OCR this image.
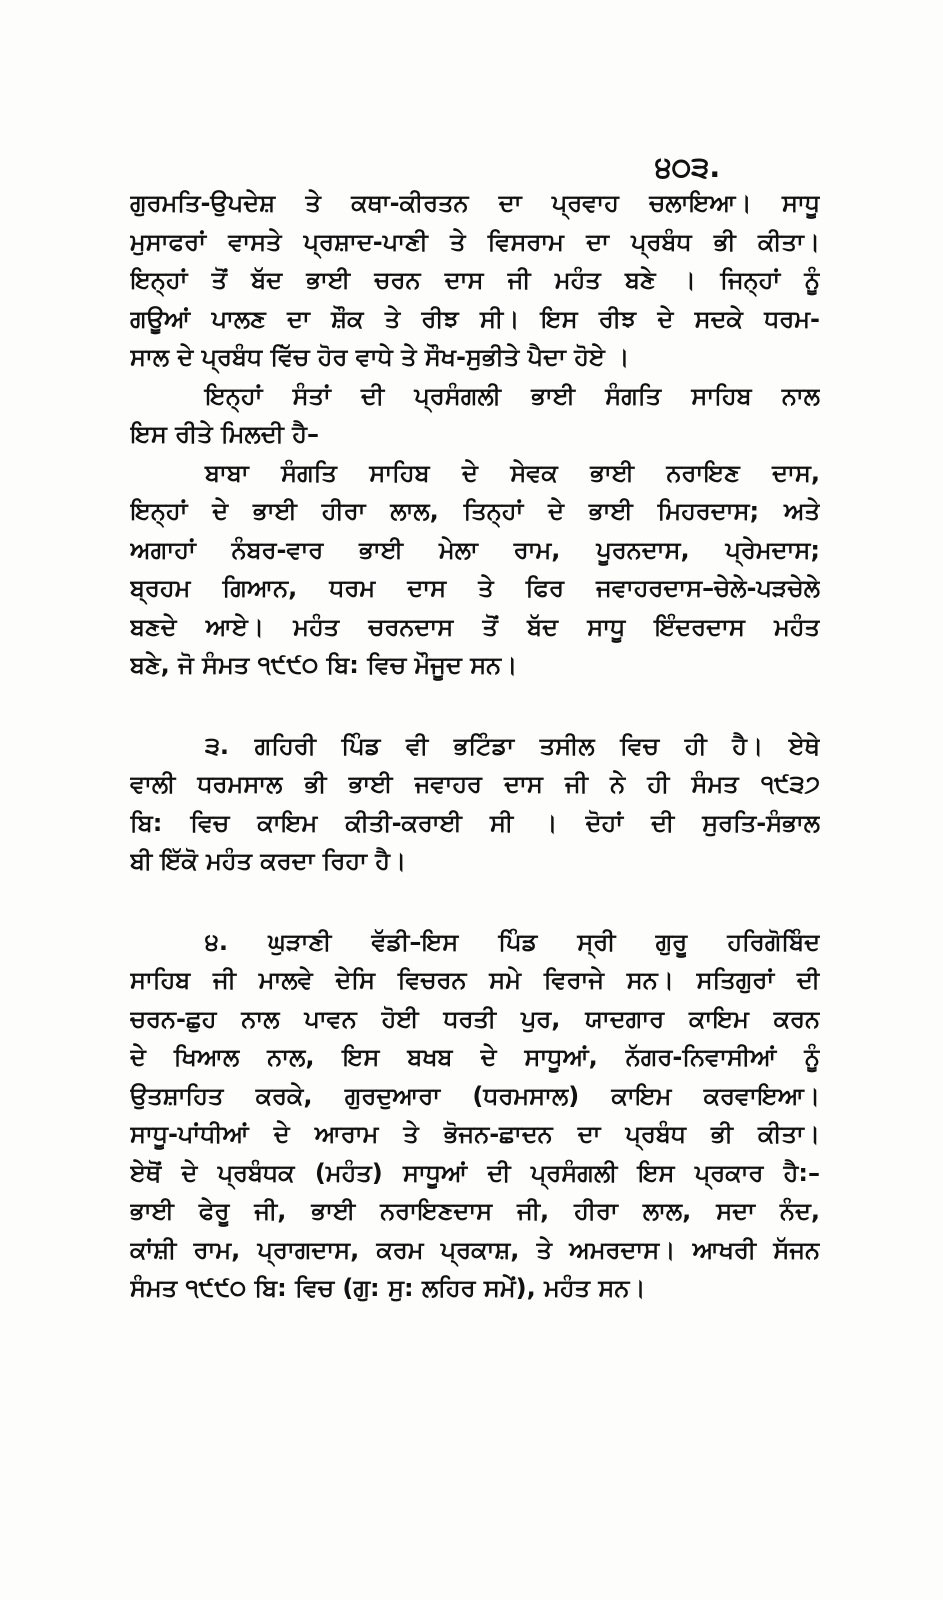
੪੦੩.
ਗੁਰਮਤਿ-ਉਪਦੇਸ਼ ਤੇ ਕਥਾ-ਕੀਰਤਨ ਦਾ ਪ੍ਰਵਾਹ ਚਲਾਇਆ। ਸਾਧੂ
ਮੁਸਾਫਰਾਂ ਵਾਸਤੇ ਪ੍ਰਸ਼ਾਦ-ਪਾਣੀ ਤੇ ਵਿਸਰਾਮ ਦਾ ਪ੍ਰਬੰਧ ਭੀ ਕੀਤਾ।
ਇਨ੍ਹਾਂ ਤੋਂ ਬੱਦ ਭਾਈ ਚਰਨ ਦਾਸ ਜੀ ਮਹੰਤ ਬਣੇ । ਜਿਨ੍ਹਾਂ ਨੂੰ
ਗਊਆਂ ਪਾਲਣ ਦਾ ਸ਼ੌਕ ਤੇ ਰੀਝ ਸੀ। ਇਸ ਰੀਝ ਦੇ ਸਦਕੇ ਧਰਮ-
ਸਾਲ ਦੇ ਪ੍ਰਬੰਧ ਵਿੱਚ ਹੋਰ ਵਾਧੇ ਤੇ ਸੌਖ-ਸੁਭੀਤੇ ਪੈਦਾ ਹੋਏ ।
ਇਨ੍ਹਾਂ ਸੰਤਾਂ ਦੀ ਪ੍ਰਸੰਗਲੀ ਭਾਈ ਸੰਗਤਿ ਸਾਹਿਬ ਨਾਲ
ਇਸ ਰੀਤੇ ਮਿਲਦੀ ਹੈ–
ਬਾਬਾ ਸੰਗਤਿ ਸਾਹਿਬ ਦੇ ਸੇਵਕ ਭਾਈ ਨਰਾਇਣ ਦਾਸ,
ਇਨ੍ਹਾਂ ਦੇ ਭਾਈ ਹੀਰਾ ਲਾਲ, ਤਿਨ੍ਹਾਂ ਦੇ ਭਾਈ ਮਿਹਰਦਾਸ; ਅਤੇ
ਅਗਾਹਾਂ ਨੰਬਰ-ਵਾਰ ਭਾਈ ਮੇਲਾ ਰਾਮ, ਪੂਰਨਦਾਸ, ਪ੍ਰੇਮਦਾਸ;
ਬ੍ਰਹਮ ਗਿਆਨ, ਧਰਮ ਦਾਸ ਤੇ ਫਿਰ ਜਵਾਹਰਦਾਸ–ਚੇਲੇ-ਪੜਚੇਲੇ
ਬਣਦੇ ਆਏ। ਮਹੰਤ ਚਰਨਦਾਸ ਤੋਂ ਬੱਦ ਸਾਧੂ ਇੰਦਰਦਾਸ ਮਹੰਤ
ਬਣੇ, ਜੋ ਸੰਮਤ ੧੯੯੦ ਬਿ: ਵਿਚ ਮੌਜੂਦ ਸਨ।
੩. ਗਹਿਰੀ ਪਿੰਡ ਵੀ ਭਟਿੰਡਾ ਤਸੀਲ ਵਿਚ ਹੀ ਹੈ। ਏਥੇ
ਵਾਲੀ ਧਰਮਸਾਲ ਭੀ ਭਾਈ ਜਵਾਹਰ ਦਾਸ ਜੀ ਨੇ ਹੀ ਸੰਮਤ ੧੯੩੭
ਬਿ: ਵਿਚ ਕਾਇਮ ਕੀਤੀ-ਕਰਾਈ ਸੀ । ਦੋਹਾਂ ਦੀ ਸੁਰਤਿ-ਸੰਭਾਲ
ਬੀ ਇੱਕੋ ਮਹੰਤ ਕਰਦਾ ਰਿਹਾ ਹੈ।
੪. ਘੁੜਾਣੀ ਵੱਡੀ–ਇਸ ਪਿੰਡ ਸ੍ਰੀ ਗੁਰੂ ਹਰਿਗੋਬਿੰਦ
ਸਾਹਿਬ ਜੀ ਮਾਲਵੇ ਦੇਸਿ ਵਿਚਰਨ ਸਮੇ ਵਿਰਾਜੇ ਸਨ। ਸਤਿਗੁਰਾਂ ਦੀ
ਚਰਨ-ਛੁਹ ਨਾਲ ਪਾਵਨ ਹੋਈ ਧਰਤੀ ਪੁਰ, ਯਾਦਗਾਰ ਕਾਇਮ ਕਰਨ
ਦੇ ਖਿਆਲ ਨਾਲ, ਇਸ ਬਖਬ ਦੇ ਸਾਧੂਆਂ, ਨੱਗਰ-ਨਿਵਾਸੀਆਂ ਨੂੰ
ਉਤਸ਼ਾਹਿਤ ਕਰਕੇ, ਗੁਰਦੁਆਰਾ (ਧਰਮਸਾਲ) ਕਾਇਮ ਕਰਵਾਇਆ।
ਸਾਧੂ-ਪਾਂਧੀਆਂ ਦੇ ਆਰਾਮ ਤੇ ਭੋਜਨ-ਛਾਦਨ ਦਾ ਪ੍ਰਬੰਧ ਭੀ ਕੀਤਾ।
ਏਥੋਂ ਦੇ ਪ੍ਰਬੰਧਕ (ਮਹੰਤ) ਸਾਧੂਆਂ ਦੀ ਪ੍ਰਸੰਗਲੀ ਇਸ ਪ੍ਰਕਾਰ ਹੈ:–
ਭਾਈ ਫੇਰੂ ਜੀ, ਭਾਈ ਨਰਾਇਣਦਾਸ ਜੀ, ਹੀਰਾ ਲਾਲ, ਸਦਾ ਨੰਦ,
ਕਾਂਸ਼ੀ ਰਾਮ, ਪ੍ਰਾਗਦਾਸ, ਕਰਮ ਪ੍ਰਕਾਸ਼, ਤੇ ਅਮਰਦਾਸ। ਆਖਰੀ ਸੱਜਨ
ਸੰਮਤ ੧੯੯੦ ਬਿ: ਵਿਚ (ਗੁ: ਸੁ: ਲਹਿਰ ਸਮੇਂ), ਮਹੰਤ ਸਨ।
